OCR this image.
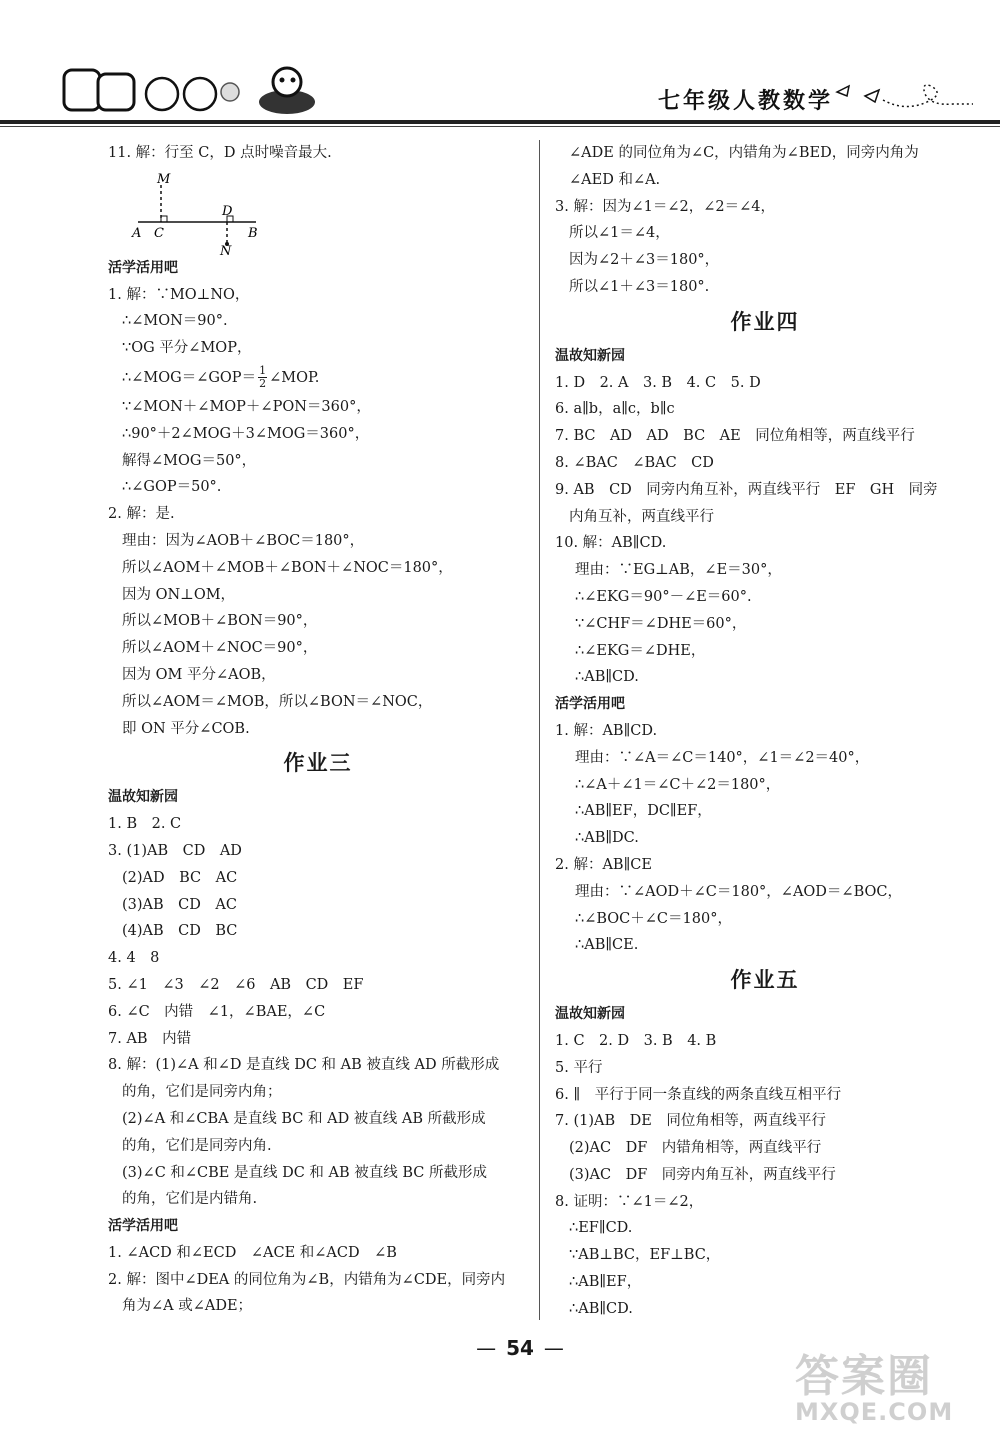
七年级人教数学
11. 解：行至 C，D 点时噪音最大.
M
A C
D
B
N
活学活用吧
1. 解：∵MO⊥NO，
∴∠MON＝90°.
∵OG 平分∠MOP，
∴∠MOG＝∠GOP＝ $\frac{1}{2}$ ∠MOP.
∵∠MON＋∠MOP＋∠PON＝360°，
∴90°＋2∠MOG＋3∠MOG＝360°，
解得∠MOG＝50°，
∴∠GOP＝50°.
2. 解：是.
理由：因为∠AOB＋∠BOC＝180°，
所以∠AOM＋∠MOB＋∠BON＋∠NOC＝180°，
因为 ON⊥OM，
所以∠MOB＋∠BON＝90°，
所以∠AOM＋∠NOC＝90°，
因为 OM 平分∠AOB，
所以∠AOM＝∠MOB，所以∠BON＝∠NOC，
即 ON 平分∠COB.
作业三
温故知新园
1. B　2. C
3. (1)AB　CD　AD
(2)AD　BC　AC
(3)AB　CD　AC
(4)AB　CD　BC
4. 4　8
5. ∠1　∠3　∠2　∠6　AB　CD　EF
6. ∠C　内错　∠1，∠BAE，∠C
7. AB　内错
8. 解：(1)∠A 和∠D 是直线 DC 和 AB 被直线 AD 所截形成
的角，它们是同旁内角；
(2)∠A 和∠CBA 是直线 BC 和 AD 被直线 AB 所截形成
的角，它们是同旁内角.
(3)∠C 和∠CBE 是直线 DC 和 AB 被直线 BC 所截形成
的角，它们是内错角.
活学活用吧
1. ∠ACD 和∠ECD　∠ACE 和∠ACD　∠B
2. 解：图中∠DEA 的同位角为∠B，内错角为∠CDE，同旁内
角为∠A 或∠ADE；
∠ADE 的同位角为∠C，内错角为∠BED，同旁内角为
∠AED 和∠A.
3. 解：因为∠1＝∠2，∠2＝∠4，
所以∠1＝∠4，
因为∠2＋∠3＝180°，
所以∠1＋∠3＝180°.
作业四
温故知新园
1. D　2. A　3. B　4. C　5. D
6. a∥b，a∥c，b∥c
7. BC　AD　AD　BC　AE　同位角相等，两直线平行
8. ∠BAC　∠BAC　CD
9. AB　CD　同旁内角互补，两直线平行　EF　GH　同旁
内角互补，两直线平行
10. 解：AB∥CD.
理由：∵EG⊥AB，∠E＝30°，
∴∠EKG＝90°－∠E＝60°.
∵∠CHF＝∠DHE＝60°，
∴∠EKG＝∠DHE，
∴AB∥CD.
活学活用吧
1. 解：AB∥CD.
理由：∵∠A＝∠C＝140°，∠1＝∠2＝40°，
∴∠A＋∠1＝∠C＋∠2＝180°，
∴AB∥EF，DC∥EF，
∴AB∥DC.
2. 解：AB∥CE
理由：∵∠AOD＋∠C＝180°，∠AOD＝∠BOC，
∴∠BOC＋∠C＝180°，
∴AB∥CE.
作业五
温故知新园
1. C　2. D　3. B　4. B
5. 平行
6. ∥　平行于同一条直线的两条直线互相平行
7. (1)AB　DE　同位角相等，两直线平行
(2)AC　DF　内错角相等，两直线平行
(3)AC　DF　同旁内角互补，两直线平行
8. 证明：∵∠1＝∠2，
∴EF∥CD.
∵AB⊥BC，EF⊥BC，
∴AB∥EF，
∴AB∥CD.
— 54 —
答案圈
MXQE.COM
